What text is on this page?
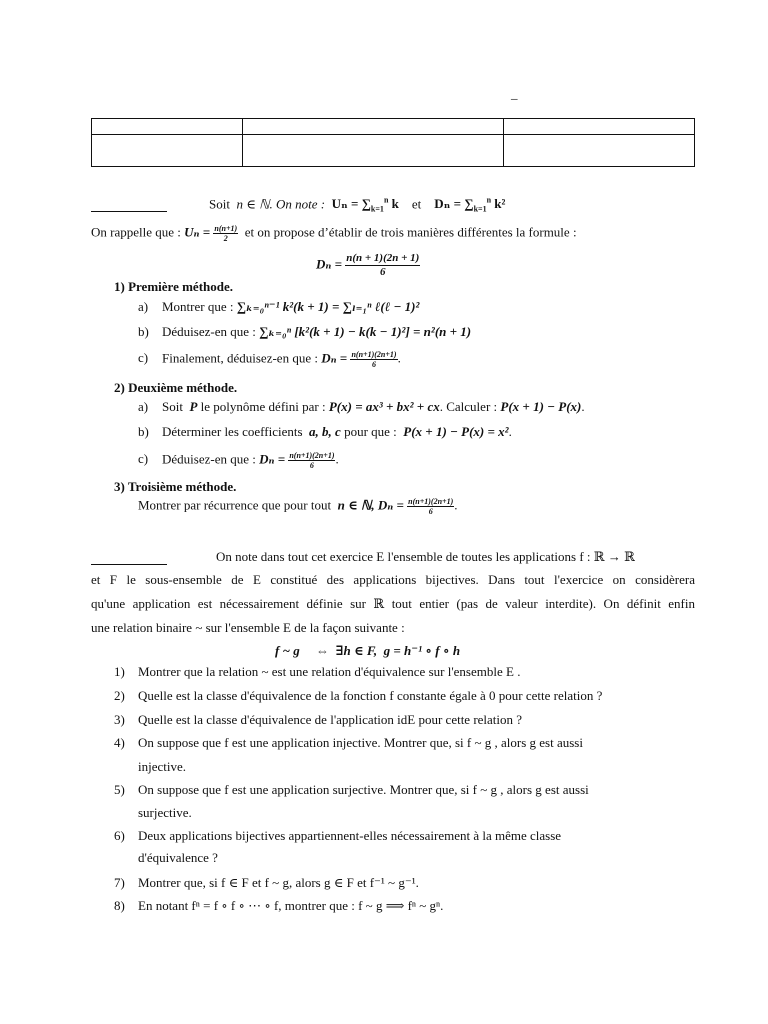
_

Soit n ∈ ℕ. On note : $U_n = \sum_{k=1}^n$ k et $D_n = \sum_{k=1}^n$ k²
On rappelle que : $U_n = \frac{n(n+1)}{2}$ et on propose d’établir de trois manières différentes la formule :
$D_n = \frac{n(n + 1)(2n + 1)}{6}$
1) Première méthode.
a) Montrer que : ∑ₖ₌₀ⁿ⁻¹ k²(k + 1) = ∑ₗ₌₁ⁿ ℓ(ℓ − 1)²
b) Déduisez-en que : ∑ₖ₌₀ⁿ [k²(k + 1) − k(k − 1)²] = n²(n + 1)
c) Finalement, déduisez-en que : $D_n = \frac{n(n+1)(2n+1)}{6}$ .
2) Deuxième méthode.
a) Soit P le polynôme défini par : P(x) = ax³ + bx² + cx. Calculer : P(x + 1) − P(x).
b) Déterminer les coefficients a, b, c pour que : P(x + 1) − P(x) = x².
c) Déduisez-en que : $D_n = \frac{n(n+1)(2n+1)}{6}$ .
3) Troisième méthode.
Montrer par récurrence que pour tout n ∈ ℕ, $D_n = \frac{n(n+1)(2n+1)}{6}$ .
On note dans tout cet exercice E l'ensemble de toutes les applications f : ℝ → ℝ
et F le sous-ensemble de E constitué des applications bijectives. Dans tout l'exercice on considèrera
qu'une application est nécessairement définie sur ℝ tout entier (pas de valeur interdite). On définit enfin
une relation binaire ~ sur l'ensemble E de la façon suivante :
f ~ g     ⇔  ∃h ∈ F,  g = h⁻¹ ∘ f ∘ h
1) Montrer que la relation ~ est une relation d'équivalence sur l'ensemble E .
2) Quelle est la classe d'équivalence de la fonction f constante égale à 0 pour cette relation ?
3) Quelle est la classe d'équivalence de l'application idE pour cette relation ?
4) On suppose que f est une application injective. Montrer que, si f ~ g , alors g est aussi
injective.
5) On suppose que f est une application surjective. Montrer que, si f ~ g , alors g est aussi
surjective.
6) Deux applications bijectives appartiennent-elles nécessairement à la même classe
d'équivalence ?
7) Montrer que, si f ∈ F et f ~ g, alors g ∈ F et f⁻¹ ~ g⁻¹.
8) En notant fⁿ = f ∘ f ∘ ⋯ ∘ f, montrer que : f ~ g ⟹ fⁿ ~ gⁿ.
